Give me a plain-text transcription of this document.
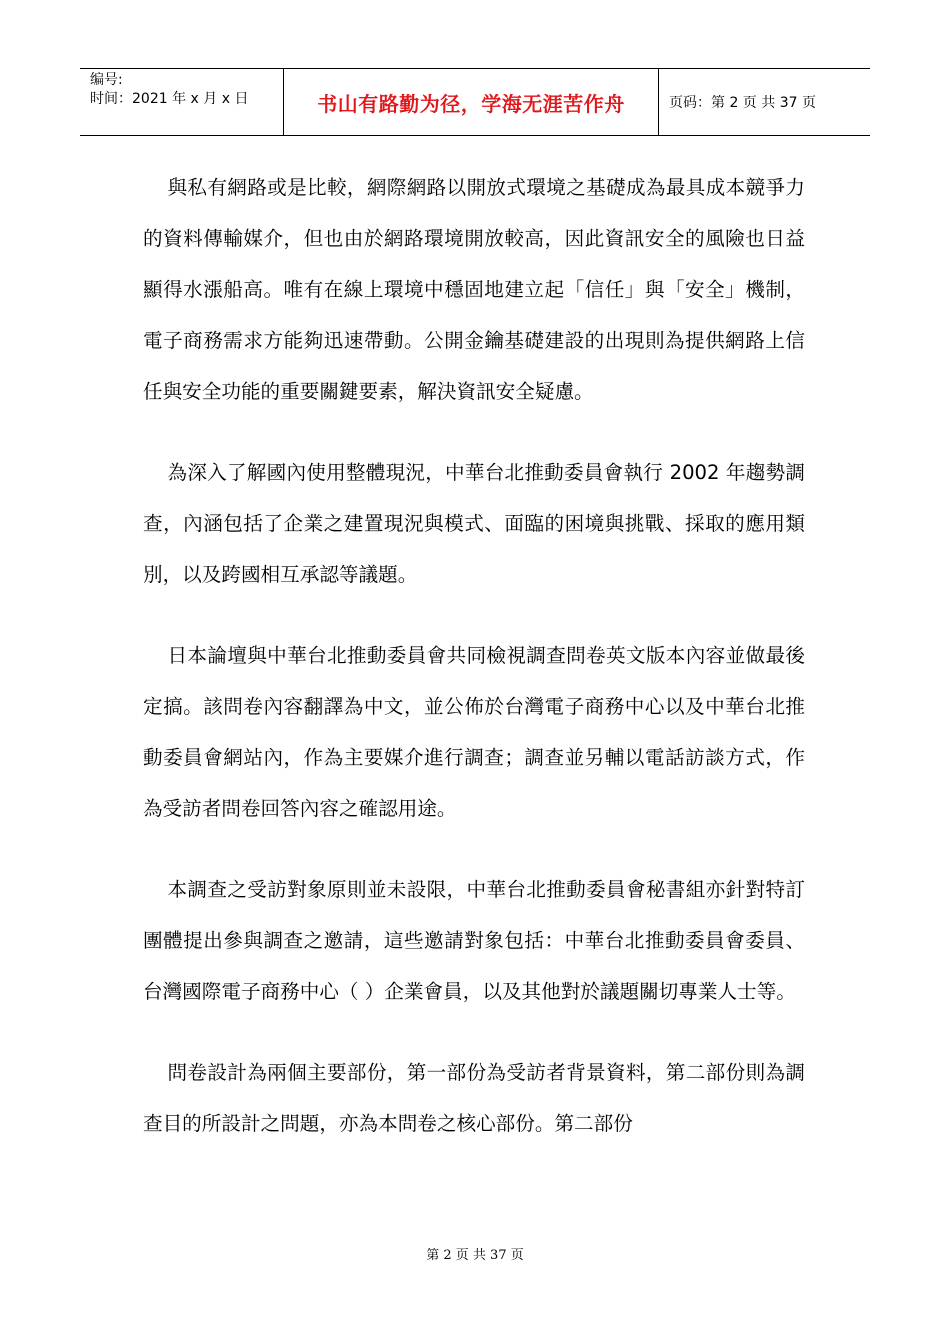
编号:
时间：2021 年 x 月 x 日	书山有路勤为径，学海无涯苦作舟	页码：第 2 页 共 37 页

與私有網路或是比較，網際網路以開放式環境之基礎成為最具成本競爭力的資料傳輸媒介，但也由於網路環境開放較高，因此資訊安全的風險也日益顯得水漲船高。唯有在線上環境中穩固地建立起「信任」與「安全」機制，電子商務需求方能夠迅速帶動。公開金鑰基礎建設的出現則為提供網路上信任與安全功能的重要關鍵要素，解決資訊安全疑慮。

為深入了解國內使用整體現況，中華台北推動委員會執行 2002 年趨勢調查，內涵包括了企業之建置現況與模式、面臨的困境與挑戰、採取的應用類別，以及跨國相互承認等議題。

日本論壇與中華台北推動委員會共同檢視調查問卷英文版本內容並做最後定搞。該問卷內容翻譯為中文，並公佈於台灣電子商務中心以及中華台北推動委員會網站內，作為主要媒介進行調查；調查並另輔以電話訪談方式，作為受訪者問卷回答內容之確認用途。

本調查之受訪對象原則並未設限，中華台北推動委員會秘書組亦針對特訂團體提出參與調查之邀請，這些邀請對象包括：中華台北推動委員會委員、台灣國際電子商務中心（ ）企業會員，以及其他對於議題關切專業人士等。

問卷設計為兩個主要部份，第一部份為受訪者背景資料，第二部份則為調查目的所設計之問題，亦為本問卷之核心部份。第二部份

第 2 页 共 37 页
